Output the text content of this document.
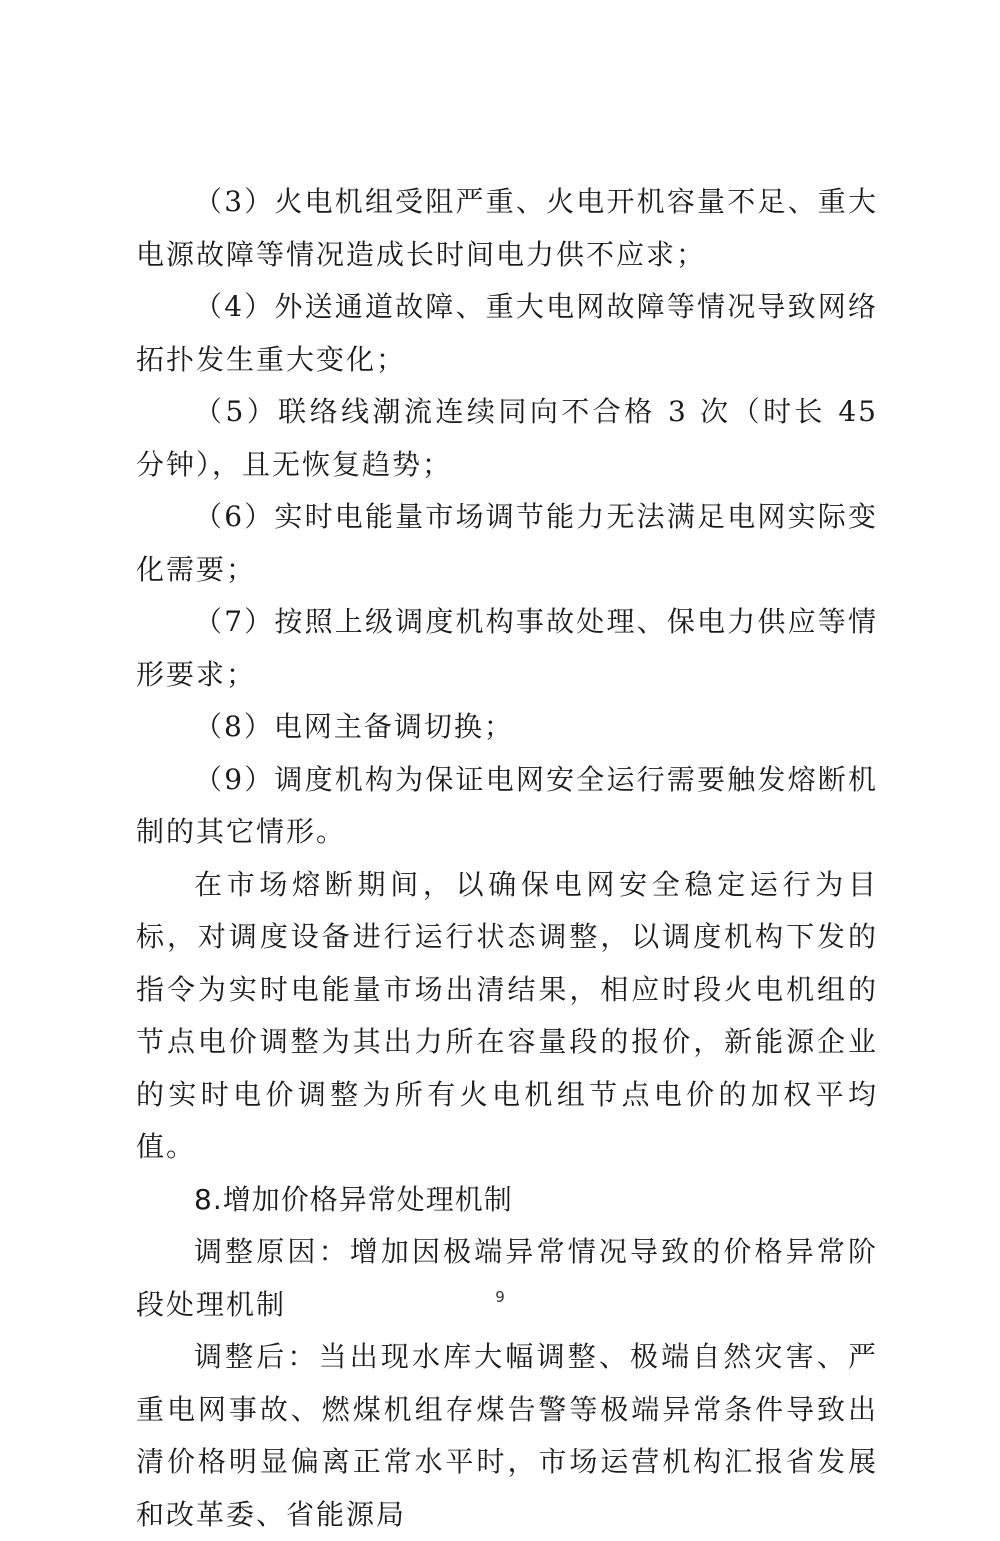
（3）火电机组受阻严重、火电开机容量不足、重大电源故障等情况造成长时间电力供不应求；

（4）外送通道故障、重大电网故障等情况导致网络拓扑发生重大变化；

（5）联络线潮流连续同向不合格 3 次（时长 45 分钟），且无恢复趋势；

（6）实时电能量市场调节能力无法满足电网实际变化需要；

（7）按照上级调度机构事故处理、保电力供应等情形要求；

（8）电网主备调切换；

（9）调度机构为保证电网安全运行需要触发熔断机制的其它情形。

在市场熔断期间，以确保电网安全稳定运行为目标，对调度设备进行运行状态调整，以调度机构下发的指令为实时电能量市场出清结果，相应时段火电机组的节点电价调整为其出力所在容量段的报价，新能源企业的实时电价调整为所有火电机组节点电价的加权平均值。

8.增加价格异常处理机制

调整原因：增加因极端异常情况导致的价格异常阶段处理机制

调整后：当出现水库大幅调整、极端自然灾害、严重电网事故、燃煤机组存煤告警等极端异常条件导致出清价格明显偏离正常水平时，市场运营机构汇报省发展和改革委、省能源局

9
